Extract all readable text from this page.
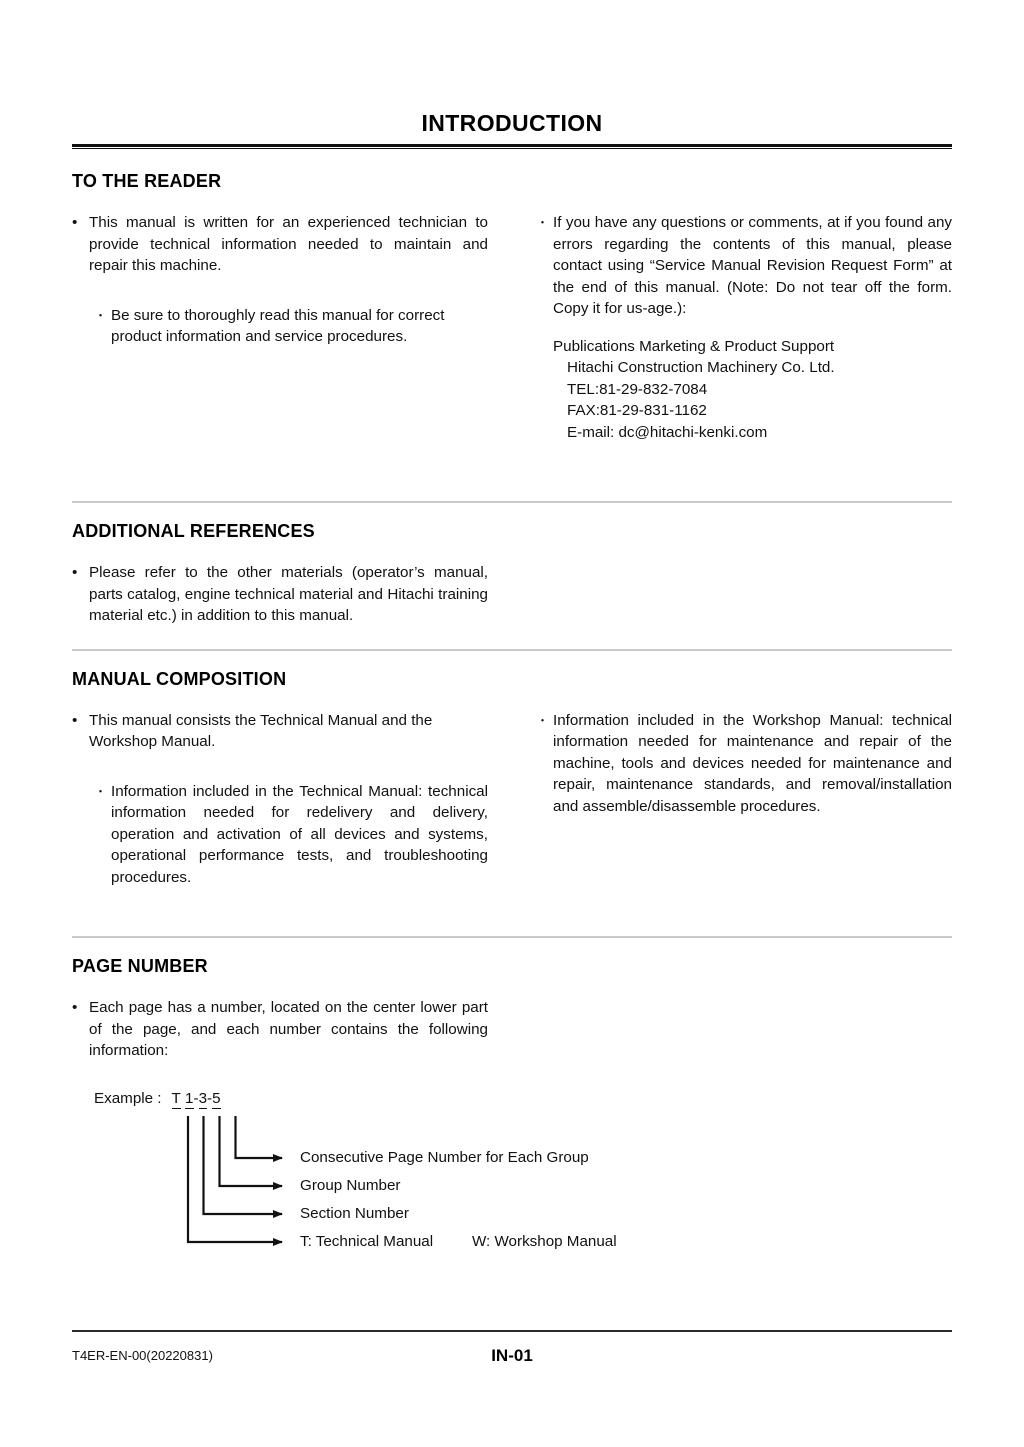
INTRODUCTION
TO THE READER
• This manual is written for an experienced technician to provide technical information needed to maintain and repair this machine.
・ Be sure to thoroughly read this manual for correct product information and service procedures.
・ If you have any questions or comments, at if you found any errors regarding the contents of this manual, please contact using “Service Manual Revision Request Form” at the end of this manual. (Note: Do not tear off the form. Copy it for us-age.):
Publications Marketing & Product Support
Hitachi Construction Machinery Co. Ltd.
TEL:81-29-832-7084
FAX:81-29-831-1162
E-mail: dc@hitachi-kenki.com
ADDITIONAL REFERENCES
• Please refer to the other materials (operator’s manual, parts catalog, engine technical material and Hitachi training material etc.) in addition to this manual.
MANUAL COMPOSITION
• This manual consists the Technical Manual and the Workshop Manual.
・ Information included in the Technical Manual: technical information needed for redelivery and delivery, operation and activation of all devices and systems, operational performance tests, and troubleshooting procedures.
・ Information included in the Workshop Manual: technical information needed for maintenance and repair of the machine, tools and devices needed for maintenance and repair, maintenance standards, and removal/installation and assemble/disassemble procedures.
PAGE NUMBER
• Each page has a number, located on the center lower part of the page, and each number contains the following information:
Example : T 1-3-5
Consecutive Page Number for Each Group
Group Number
Section Number
T: Technical Manual	W: Workshop Manual
T4ER-EN-00(20220831)	IN-01
